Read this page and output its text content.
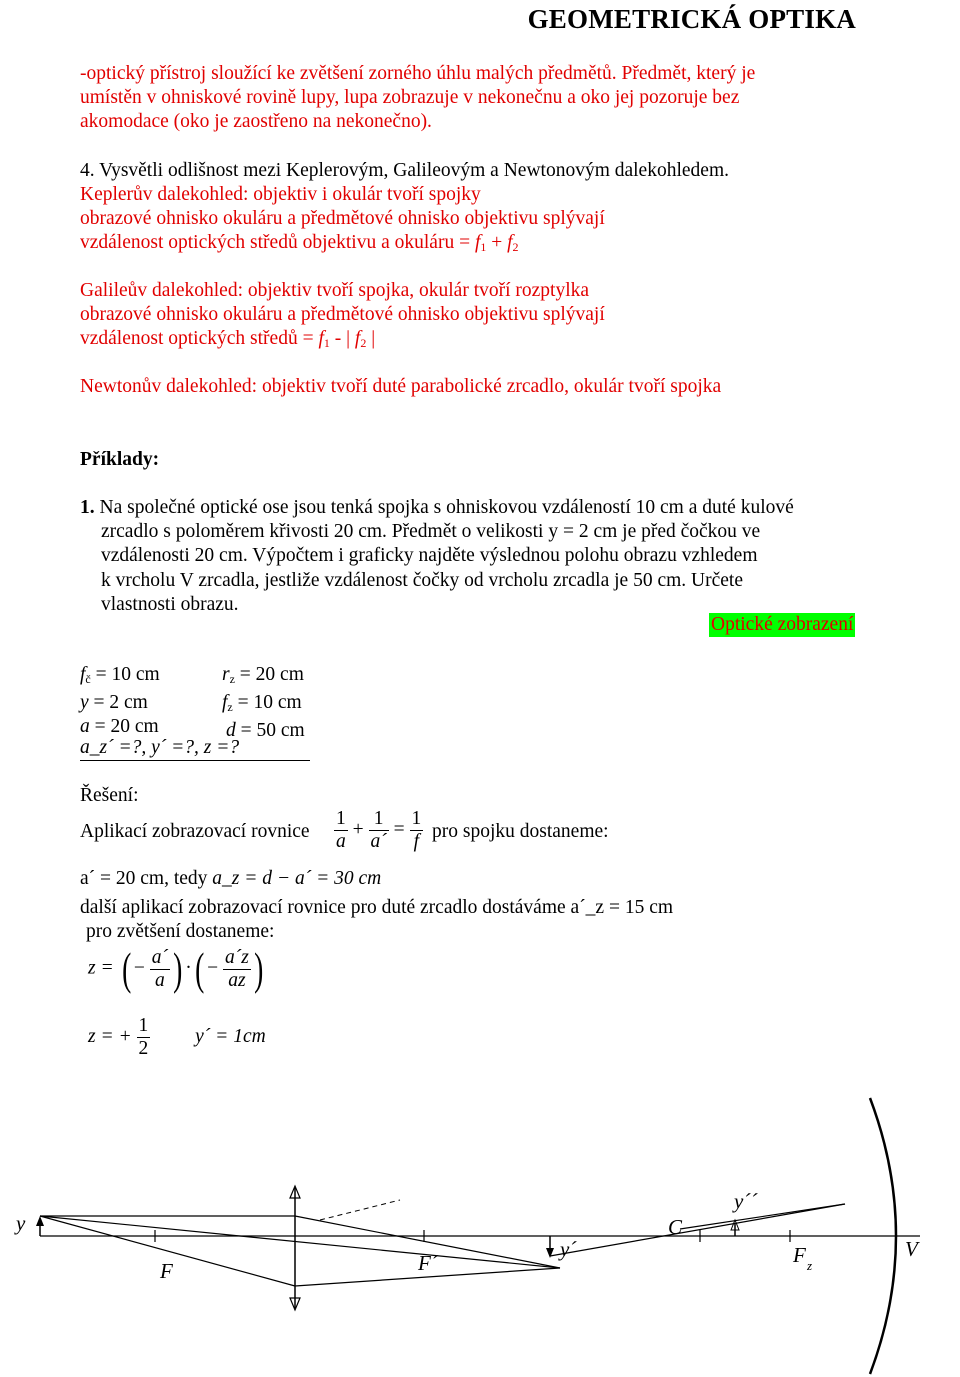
GEOMETRICKÁ OPTIKA
-optický přístroj sloužící ke zvětšení zorného úhlu malých předmětů. Předmět, který je
umístěn v ohniskové rovině lupy, lupa zobrazuje v nekonečnu a oko jej pozoruje bez
akomodace (oko je zaostřeno na nekonečno).
4. Vysvětli odlišnost mezi Keplerovým, Galileovým a Newtonovým dalekohledem.
Keplerův dalekohled: objektiv i okulár tvoří spojky
obrazové ohnisko okuláru a předmětové ohnisko objektivu splývají
vzdálenost optických středů objektivu a okuláru = $f_1 + f_2$
Galileův dalekohled: objektiv tvoří spojka, okulár tvoří rozptylka
obrazové ohnisko okuláru a předmětové ohnisko objektivu splývají
vzdálenost optických středů = $f_1$ - | $f_2$ |
Newtonův dalekohled: objektiv tvoří duté parabolické zrcadlo, okulár tvoří spojka
Příklady:
1. Na společné optické ose jsou tenká spojka s ohniskovou vzdáleností 10 cm a duté kulové
zrcadlo s poloměrem křivosti 20 cm. Předmět o velikosti y = 2 cm je před čočkou ve
vzdálenosti 20 cm. Výpočtem i graficky najděte výslednou polohu obrazu vzhledem
k vrcholu V zrcadla, jestliže vzdálenost čočky od vrcholu zrcadla je 50 cm. Určete
vlastnosti obrazu.
Optické zobrazení
$f_č = 10$ cm
y = 2 cm
a = 20 cm
$r_z = 20$ cm
$f_z = 10$ cm
d = 50 cm
a_z´ =?, y´ =?, z =?
Řešení:
Aplikací zobrazovací rovnice $\frac{1}{a} + \frac{1}{a´} = \frac{1}{f}$ pro spojku dostaneme:
a´ = 20 cm, tedy a_z = d − a´ = 30 cm
další aplikací zobrazovací rovnice pro duté zrcadlo dostáváme a´_z = 15 cm
pro zvětšení dostaneme:
z = ( − $\frac{a´}{a}$ ) ·( − $\frac{a´z}{az}$ )
z = + $\frac{1}{2}$ y´ = 1cm
y
F	F´
y´
C
y´´
F z
V
